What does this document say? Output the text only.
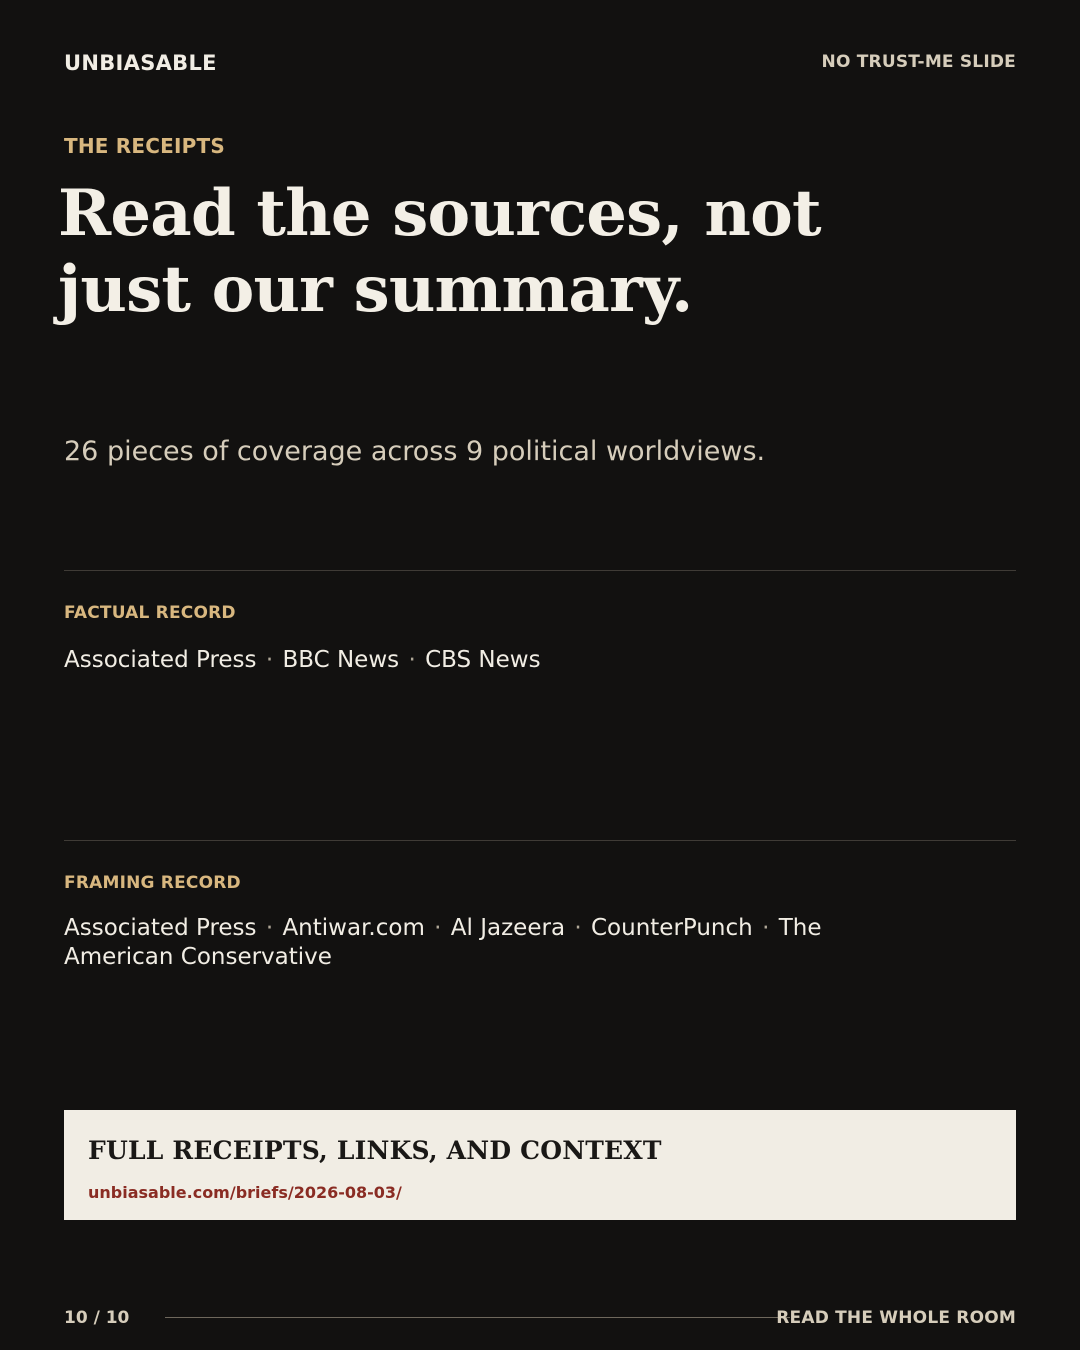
UNBIASABLE	NO TRUST-ME SLIDE
THE RECEIPTS
Read the sources, not
just our summary.
26 pieces of coverage across 9 political worldviews.
FACTUAL RECORD
Associated Press · BBC News · CBS News
FRAMING RECORD
Associated Press · Antiwar.com · Al Jazeera · CounterPunch · The American Conservative
FULL RECEIPTS, LINKS, AND CONTEXT
unbiasable.com/briefs/2026-08-03/
10 / 10	READ THE WHOLE ROOM
